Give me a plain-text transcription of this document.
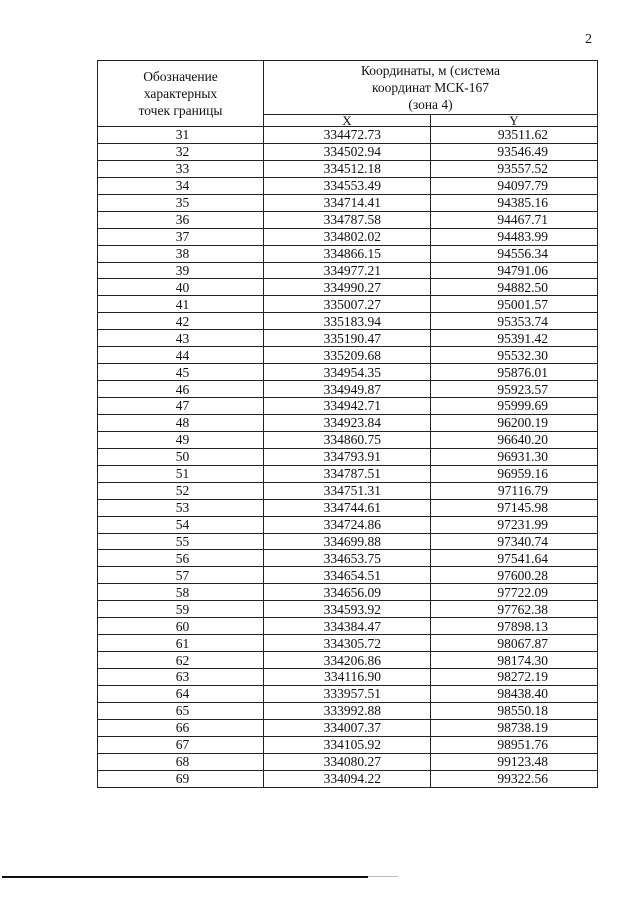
2
Обозначение характерных точек границы	Координаты, м (система координат МСК-167 (зона 4)	

	X	Y
31	334472.73	93511.62
32	334502.94	93546.49
33	334512.18	93557.52
34	334553.49	94097.79
35	334714.41	94385.16
36	334787.58	94467.71
37	334802.02	94483.99
38	334866.15	94556.34
39	334977.21	94791.06
40	334990.27	94882.50
41	335007.27	95001.57
42	335183.94	95353.74
43	335190.47	95391.42
44	335209.68	95532.30
45	334954.35	95876.01
46	334949.87	95923.57
47	334942.71	95999.69
48	334923.84	96200.19
49	334860.75	96640.20
50	334793.91	96931.30
51	334787.51	96959.16
52	334751.31	97116.79
53	334744.61	97145.98
54	334724.86	97231.99
55	334699.88	97340.74
56	334653.75	97541.64
57	334654.51	97600.28
58	334656.09	97722.09
59	334593.92	97762.38
60	334384.47	97898.13
61	334305.72	98067.87
62	334206.86	98174.30
63	334116.90	98272.19
64	333957.51	98438.40
65	333992.88	98550.18
66	334007.37	98738.19
67	334105.92	98951.76
68	334080.27	99123.48
69	334094.22	99322.56
